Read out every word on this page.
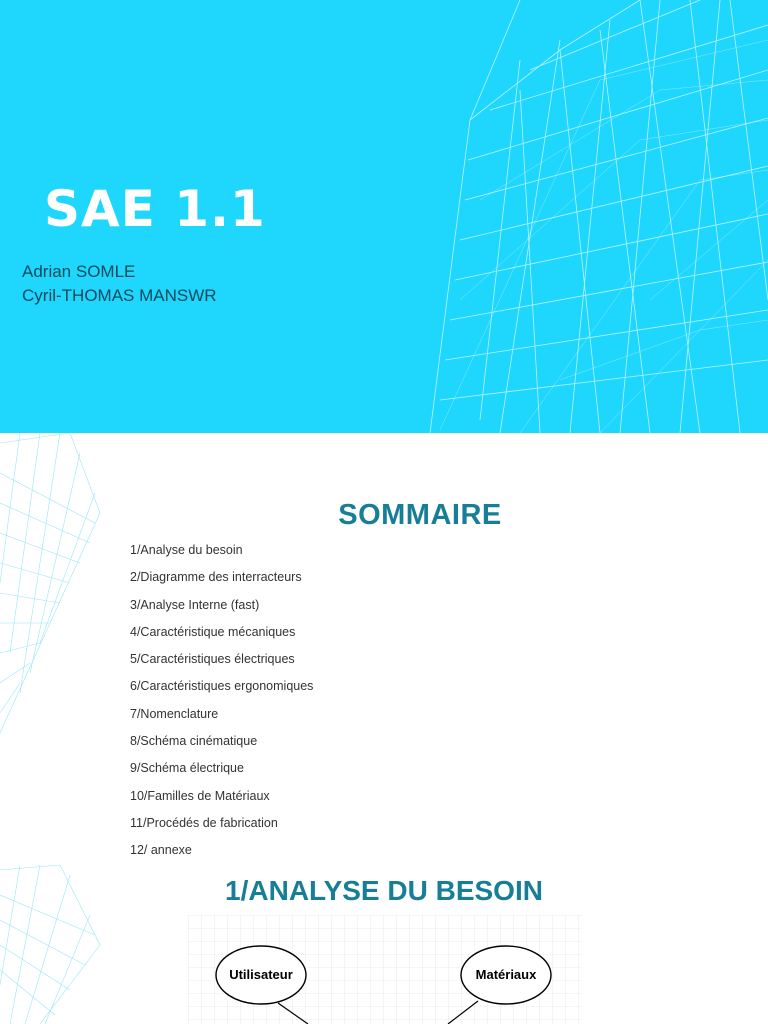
SAE 1.1
Adrian SOMLE
Cyril-THOMAS MANSWR
SOMMAIRE
1/Analyse du besoin
2/Diagramme des interracteurs
3/Analyse Interne (fast)
4/Caractéristique mécaniques
5/Caractéristiques électriques
6/Caractéristiques ergonomiques
7/Nomenclature
8/Schéma cinématique
9/Schéma électrique
10/Familles de Matériaux
11/Procédés de fabrication
12/ annexe
1/ANALYSE DU BESOIN
Utilisateur	Matériaux
